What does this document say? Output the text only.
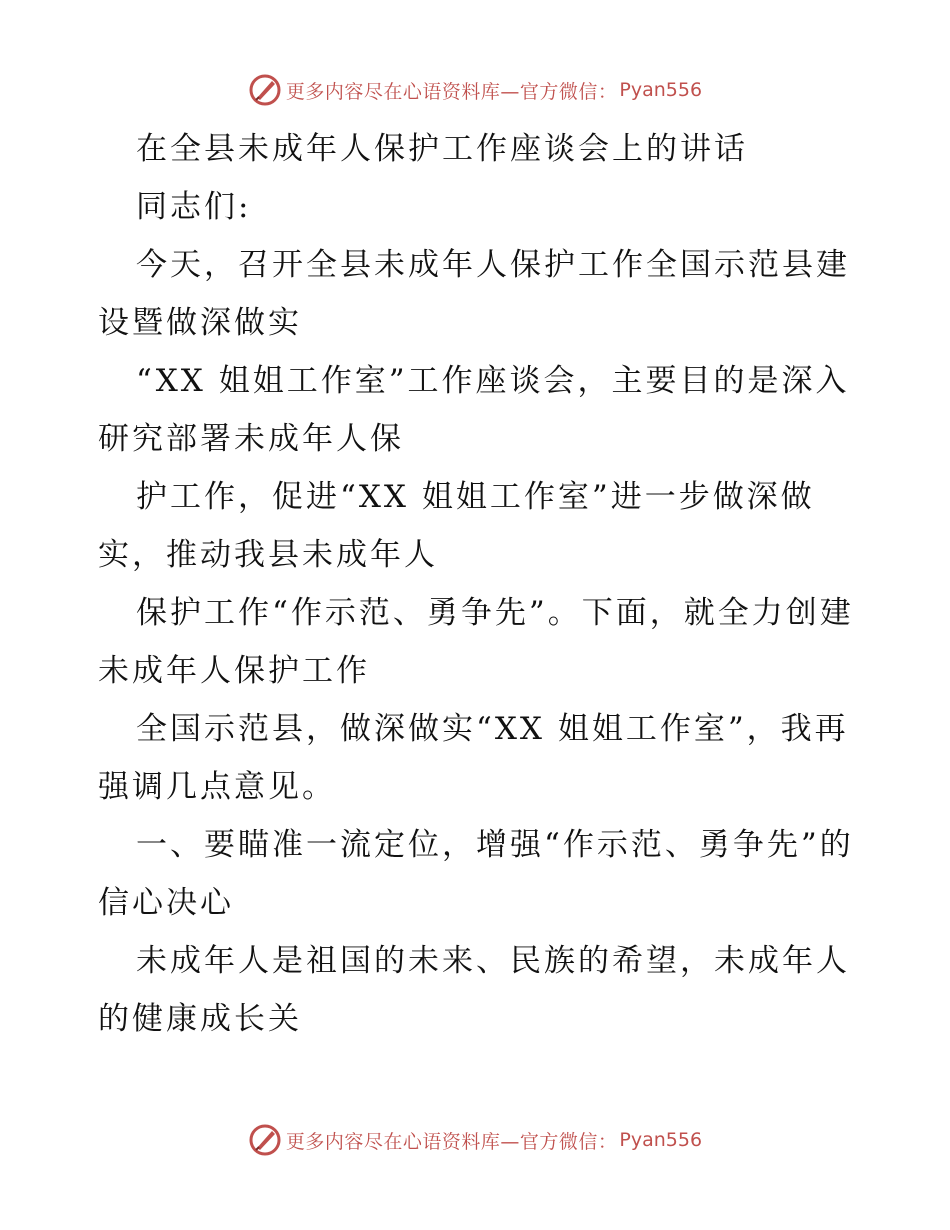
更多内容尽在心语资料库—官方微信： Pyan556

在全县未成年人保护工作座谈会上的讲话

同志们:

今天，召开全县未成年人保护工作全国示范县建设暨做深做实

“XX 姐姐工作室”工作座谈会，主要目的是深入研究部署未成年人保

护工作，促进“XX 姐姐工作室”进一步做深做实，推动我县未成年人

保护工作“作示范、勇争先”。下面，就全力创建未成年人保护工作

全国示范县，做深做实“XX 姐姐工作室”，我再强调几点意见。

一、要瞄准一流定位，增强“作示范、勇争先”的信心决心

未成年人是祖国的未来、民族的希望，未成年人的健康成长关

更多内容尽在心语资料库—官方微信： Pyan556
